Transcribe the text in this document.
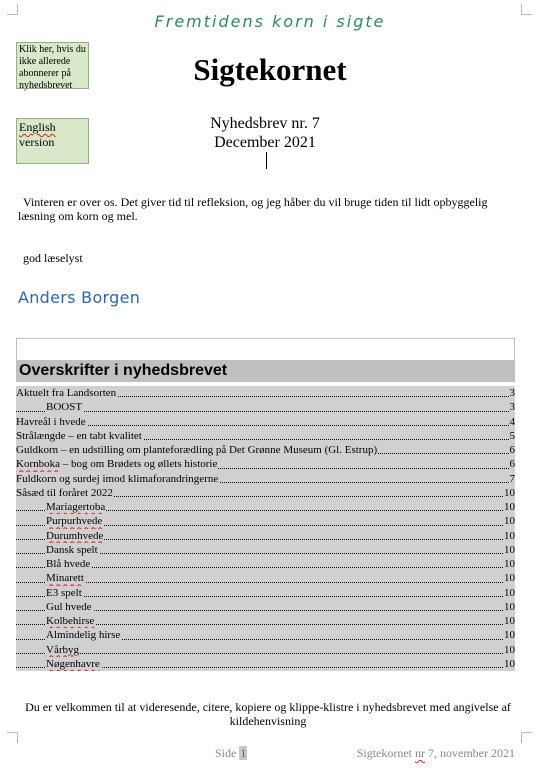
Fremtidens korn i sigte
Klik her, hvis du
ikke allerede
abonnerer på
nyhedsbrevet
English
version
Sigtekornet
Nyhedsbrev nr. 7
December 2021
Vinteren er over os. Det giver tid til refleksion, og jeg håber du vil bruge tiden til lidt opbyggelig læsning om korn og mel.
god læselyst
Anders Borgen
Overskrifter i nyhedsbrevet
Aktuelt fra Landsorten	3
BOOST	3
Havreål i hvede	4
Strålængde – en tabt kvalitet	5
Guldkorn – en udstilling om planteforædling på Det Grønne Museum (Gl. Estrup)	6
Kornboka – bog om Brødets og øllets historie	6
Fuldkorn og surdej imod klimaforandringerne	7
Såsæd til foråret 2022	10
Mariagertoba	10
Purpurhvede	10
Durumhvede	10
Dansk spelt	10
Blå hvede	10
Minarett	10
E3 spelt	10
Gul hvede	10
Kolbehirse	10
Almindelig hirse	10
Vårbyg	10
Nøgenhavre	10
Du er velkommen til at videresende, citere, kopiere og klippe-klistre i nyhedsbrevet med angivelse af kildehenvisning
Side 1	Sigtekornet nr 7, november 2021
